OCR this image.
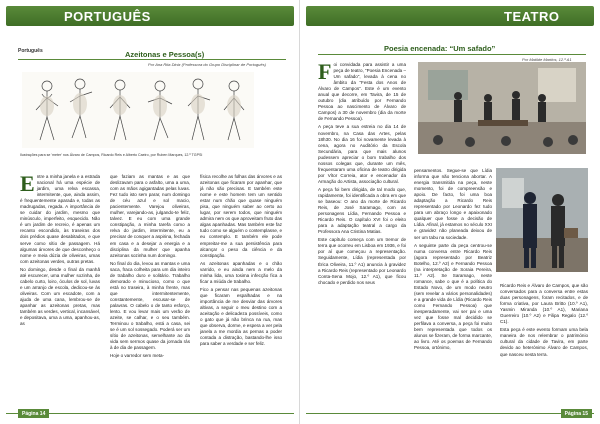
PORTUGUÊS
Português	Azeitonas e Pessoa(s)
Por Ana Rita Diniz (Professora do Grupo Disciplinar de Português)
Ilustrações para se 'meter' nos Álvaro de Campos, Ricardo Reis e Alberto Caeiro, por Ruben Marques, 12.º TGPSI
E ntre a minha janela e a estrada nacional há uma espécie de jardim, uma relva escassa, intermitente, que, ainda assim, é frequentemente aparada e, todas as madrugadas, regada. A importância de se cuidar do jardim, mesmo que minúsculo, imperfeito, esquecido. Não é um jardim de recreio, é apenas um recanto escondido, às traseiras dos dois prédios quase desabitados, e que serve como sítio de passagem. Há algumas árvores de que desconheço o nome e meia dúzia de oliveiras, umas com azeitonas verdes, outras pretas.

No domingo, desde o final da manhã até escurecer, uma mulher sozinha, de cabelo curto, loiro, óculos de sol, luvas e um arranjo de escola, dedicou-se às oliveiras. Com um escadote, com a ajuda de uma cana, lembrou-se de apanhar as azeitonas pretas, mas também as verdes, vertical, incansável, e depositava, uma a uma, apanhou-as, as

que faziam as mantas e as que deslizavam para o asfalto, uma a uma, com as mãos agigantadas pelas luvas. Fez tudo isto sem parar, num domingo de céu azul e sol macio, pacientemente. Varejou oliveiras, mulher, varejando-as, julgando-te feliz, talvez. E eu com uma grande constipação, a minha tarefa como a relva do jardim, intermitente, eu a precisar de conquer a aspirina, fechada em casa e a desejar a energia e a disciplina da mulher que apanha azeitonas sozinha num domingo.

No final do dia, levou as mantas e uma saca, fraca colheita para um dia inteiro de trabalho duro e solitário. Trabalho demorado e minucioso, como o que está no traseira, à minha frente, mas que intermitentemente, constantemente, escusar-se de palavras. O cabelo o de tanto esforço, lento. E vou levar mais um verão de azeite, se calhar, e o seu também. Terminou o trabalho, está a casa, sei se é um sol sossegado. Poderá ser um sítio de azeitonas, semelhante ao da vida sem sermos quase da jornada rás à de dia de passagem.

Hoje o varredor sem meta-

física recolhe as folhas das árvores e as azeitonas que ficaram por apanhar, que já não são precisas. E também este nome e este homem tem um sentido estar num chão que quase ninguém pisa, que ninguém saber ao certo ao lugar, por serem todos, que ninguém admira nem os que aproveitam fruto das algas apanhadas. Mas também este faz tudo como se alguém o contemplasse, e eu contemplo. E também ele pode empreitar-me a sua persistência para alcançar o peso da ciência e da constipação.

As azeitonas apanhadas e o chão varrido, e eu ainda nem a melo da minha lida, uma tosima infecção fica a ficar a miúda de trabalho.

Fico a pensar nas pequenas azeitonas que ficaram espalhadas e na importância de me desviar das árvores altivas, a seguir o meu destino com a aceitação e delicadeza possíveis, como o gato que já não brinca na rua, mas que observa, dorme, e espera a ver pela janela a me mordia as pernas a poder contada a distração, bastando-lhe isso para saber a verdade e ser feliz.

Página 14
TEATRO
Poesia encenada: “Um safado”
Por Matilde Martins, 12.º A1
F oi convidada para assistir a uma peça de teatro, “Poesia Encenada – Um safado”, levada à cena no âmbito da “Festa dos Anos de Álvaro de Campos”. Este é um evento anual que decorre, em Tavira, de 15 de outubro (dia atribuído por Fernando Pessoa ao nascimento de Álvaro de Campos) a 30 de novembro (dia da morte de Fernando Pessoa).

A peça teve a sua estreia no dia 14 de novembro, na Casa das Artes, pelas 18h30. No dia 16 foi novamente levada à cena, agora no Auditório da Escola Secundária, para que mais alunos pudessem apreciar o bom trabalho dos nossos colegas que, durante um mês, frequentaram uma oficina de teatro dirigida por Vítor Correia, ator e encenador da Armação do Artista, associação cultural.

A peça foi bem dirigida, de tal modo que, rapidamente, foi identificada a obra em que se baseou: O ano da morte de Ricardo Reis, de José Saramago, com as personagens Lídia, Fernando Pessoa e Ricardo Reis. O capítulo XVI foi o eleito para a adaptação teatral a cargo da Professora Ana Cristina Matias.

Este capítulo começa com um tremor de terra que ocorreu em Lisboa em 1936, e foi por aí que começou a representação. Seguidamente, Lídia (representada por Érica Oliveira, 11.º A1) anuncia à gravidez a Ricardo Reis (representado por Leonardo Conta-Sena Mojo, 12.º A1), que ficou chocado e perdido nos seus

pensamentos. Segue-se que Lídia informa que não tenciona abortar. A energia transmitida na peça, neste momento, foi de compreensão e apoio. De facto, foi uma boa adaptação a Ricardo Reis representado por Leonardo fez tudo para um abraço longo e apaixonado qualquer que fosse a decisão de Lídia. Afinal, já estamos no século XXI e gravidez não planeada deixou de ser um tabu na sociedade.

A seguinte parte da peça centrou-se numa conversa entre Ricardo Reis (agora representado por Beatriz Botelho, 12.º A2) e Fernando Pessoa (na interpretação de Soraia Pereira, 11.º A2). Se Saramago, neste romance, sabe o que é a política do Estado Novo, de um modo neutro (sem revelar a vários personalidades) e a grande vida de Lídia (Ricardo Reis como Fernando Pessoa) que inesperadamente, vai ser pai e uma vez que fosse mal decidido se perfilava a conversa, a peça foi muito bem representada que todos os alunos se fizeram, de forma marcante, ao livro. Até os poemas de Fernando Pessoa, ortónimo,

Ricardo Reis e Álvaro de Campos, que são conversados para a conversa entre estas duas personagens, foram recitados, e de forma criativa, por Laura Britto (10.º A1), Yasmin Miranda (10.º A1), Mariana Guerreiro (10.º A2) e Filipa Regalo (12.º C1).

Esta peça é este evento formam uma bela maneira de nos relembrar o património cultural da cidade de Tavira, em parte devido ao heterónimo Álvaro de Campos, que nasceu nesta terra.

Página 15
